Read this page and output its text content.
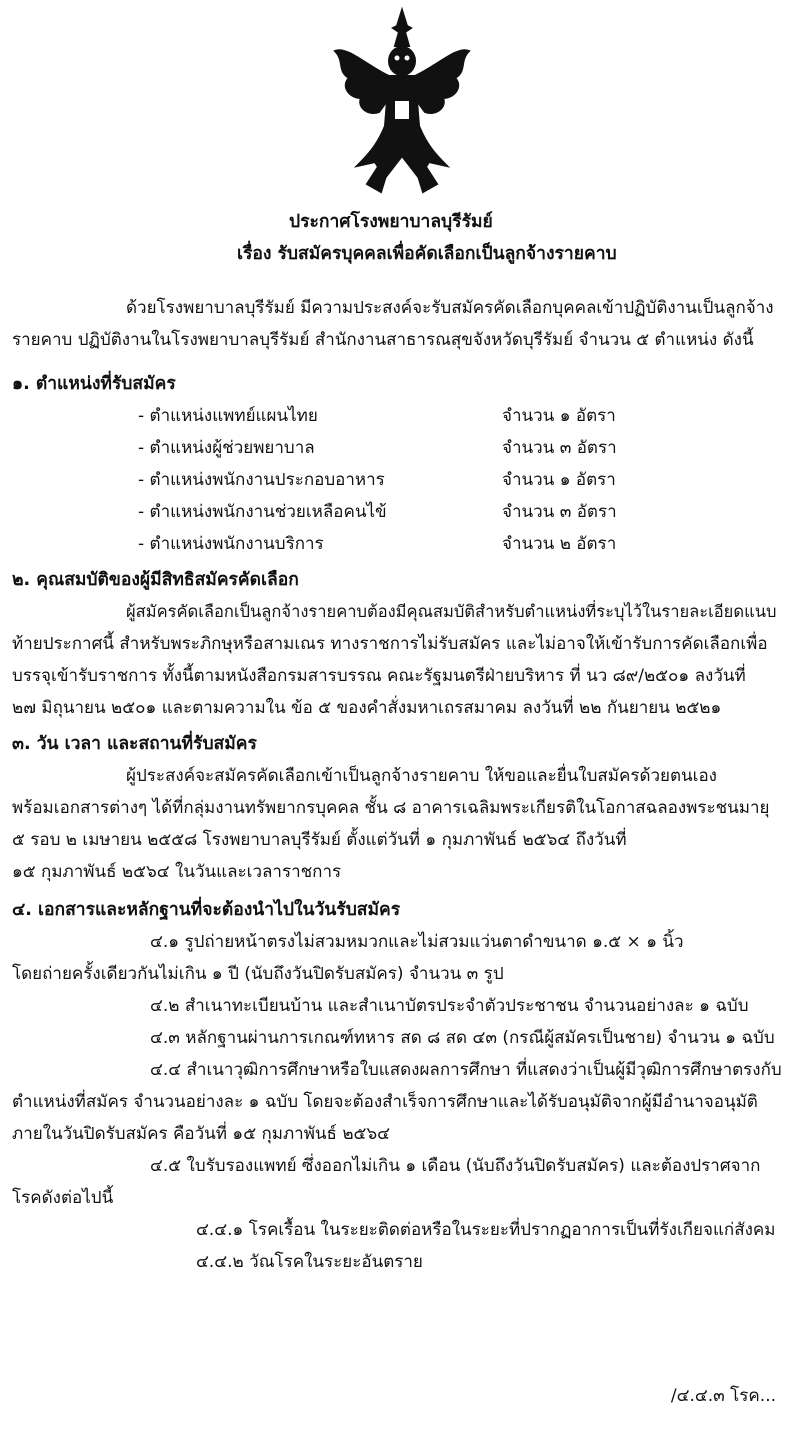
ประกาศโรงพยาบาลบุรีรัมย์
เรื่อง รับสมัครบุคคลเพื่อคัดเลือกเป็นลูกจ้างรายคาบ
ด้วยโรงพยาบาลบุรีรัมย์ มีความประสงค์จะรับสมัครคัดเลือกบุคคลเข้าปฏิบัติงานเป็นลูกจ้าง
รายคาบ ปฏิบัติงานในโรงพยาบาลบุรีรัมย์ สำนักงานสาธารณสุขจังหวัดบุรีรัมย์ จำนวน ๕ ตำแหน่ง ดังนี้
๑. ตำแหน่งที่รับสมัคร
- ตำแหน่งแพทย์แผนไทย	จำนวน ๑ อัตรา
- ตำแหน่งผู้ช่วยพยาบาล	จำนวน ๓ อัตรา
- ตำแหน่งพนักงานประกอบอาหาร	จำนวน ๑ อัตรา
- ตำแหน่งพนักงานช่วยเหลือคนไข้	จำนวน ๓ อัตรา
- ตำแหน่งพนักงานบริการ	จำนวน ๒ อัตรา
๒. คุณสมบัติของผู้มีสิทธิสมัครคัดเลือก
ผู้สมัครคัดเลือกเป็นลูกจ้างรายคาบต้องมีคุณสมบัติสำหรับตำแหน่งที่ระบุไว้ในรายละเอียดแนบ
ท้ายประกาศนี้ สำหรับพระภิกษุหรือสามเณร ทางราชการไม่รับสมัคร และไม่อาจให้เข้ารับการคัดเลือกเพื่อ
บรรจุเข้ารับราชการ ทั้งนี้ตามหนังสือกรมสารบรรณ คณะรัฐมนตรีฝ่ายบริหาร ที่ นว ๘๙/๒๕๐๑ ลงวันที่
๒๗ มิถุนายน ๒๕๐๑ และตามความใน ข้อ ๕ ของคำสั่งมหาเถรสมาคม ลงวันที่ ๒๒ กันยายน ๒๕๒๑
๓. วัน เวลา และสถานที่รับสมัคร
ผู้ประสงค์จะสมัครคัดเลือกเข้าเป็นลูกจ้างรายคาบ ให้ขอและยื่นใบสมัครด้วยตนเอง
พร้อมเอกสารต่างๆ ได้ที่กลุ่มงานทรัพยากรบุคคล ชั้น ๘ อาคารเฉลิมพระเกียรติในโอกาสฉลองพระชนมายุ
๕ รอบ ๒ เมษายน ๒๕๕๘ โรงพยาบาลบุรีรัมย์ ตั้งแต่วันที่ ๑ กุมภาพันธ์ ๒๕๖๔ ถึงวันที่
๑๕ กุมภาพันธ์ ๒๕๖๔ ในวันและเวลาราชการ
๔. เอกสารและหลักฐานที่จะต้องนำไปในวันรับสมัคร
๔.๑ รูปถ่ายหน้าตรงไม่สวมหมวกและไม่สวมแว่นตาดำขนาด ๑.๕ × ๑ นิ้ว
โดยถ่ายครั้งเดียวกันไม่เกิน ๑ ปี (นับถึงวันปิดรับสมัคร) จำนวน ๓ รูป
๔.๒ สำเนาทะเบียนบ้าน และสำเนาบัตรประจำตัวประชาชน จำนวนอย่างละ ๑ ฉบับ
๔.๓ หลักฐานผ่านการเกณฑ์ทหาร สด ๘ สด ๔๓ (กรณีผู้สมัครเป็นชาย) จำนวน ๑ ฉบับ
๔.๔ สำเนาวุฒิการศึกษาหรือใบแสดงผลการศึกษา ที่แสดงว่าเป็นผู้มีวุฒิการศึกษาตรงกับ
ตำแหน่งที่สมัคร จำนวนอย่างละ ๑ ฉบับ โดยจะต้องสำเร็จการศึกษาและได้รับอนุมัติจากผู้มีอำนาจอนุมัติ
ภายในวันปิดรับสมัคร คือวันที่ ๑๕ กุมภาพันธ์ ๒๕๖๔
๔.๕ ใบรับรองแพทย์ ซึ่งออกไม่เกิน ๑ เดือน (นับถึงวันปิดรับสมัคร) และต้องปราศจาก
โรคดังต่อไปนี้
๔.๔.๑ โรคเรื้อน ในระยะติดต่อหรือในระยะที่ปรากฏอาการเป็นที่รังเกียจแก่สังคม
๔.๔.๒ วัณโรคในระยะอันตราย
/๔.๔.๓ โรค...
